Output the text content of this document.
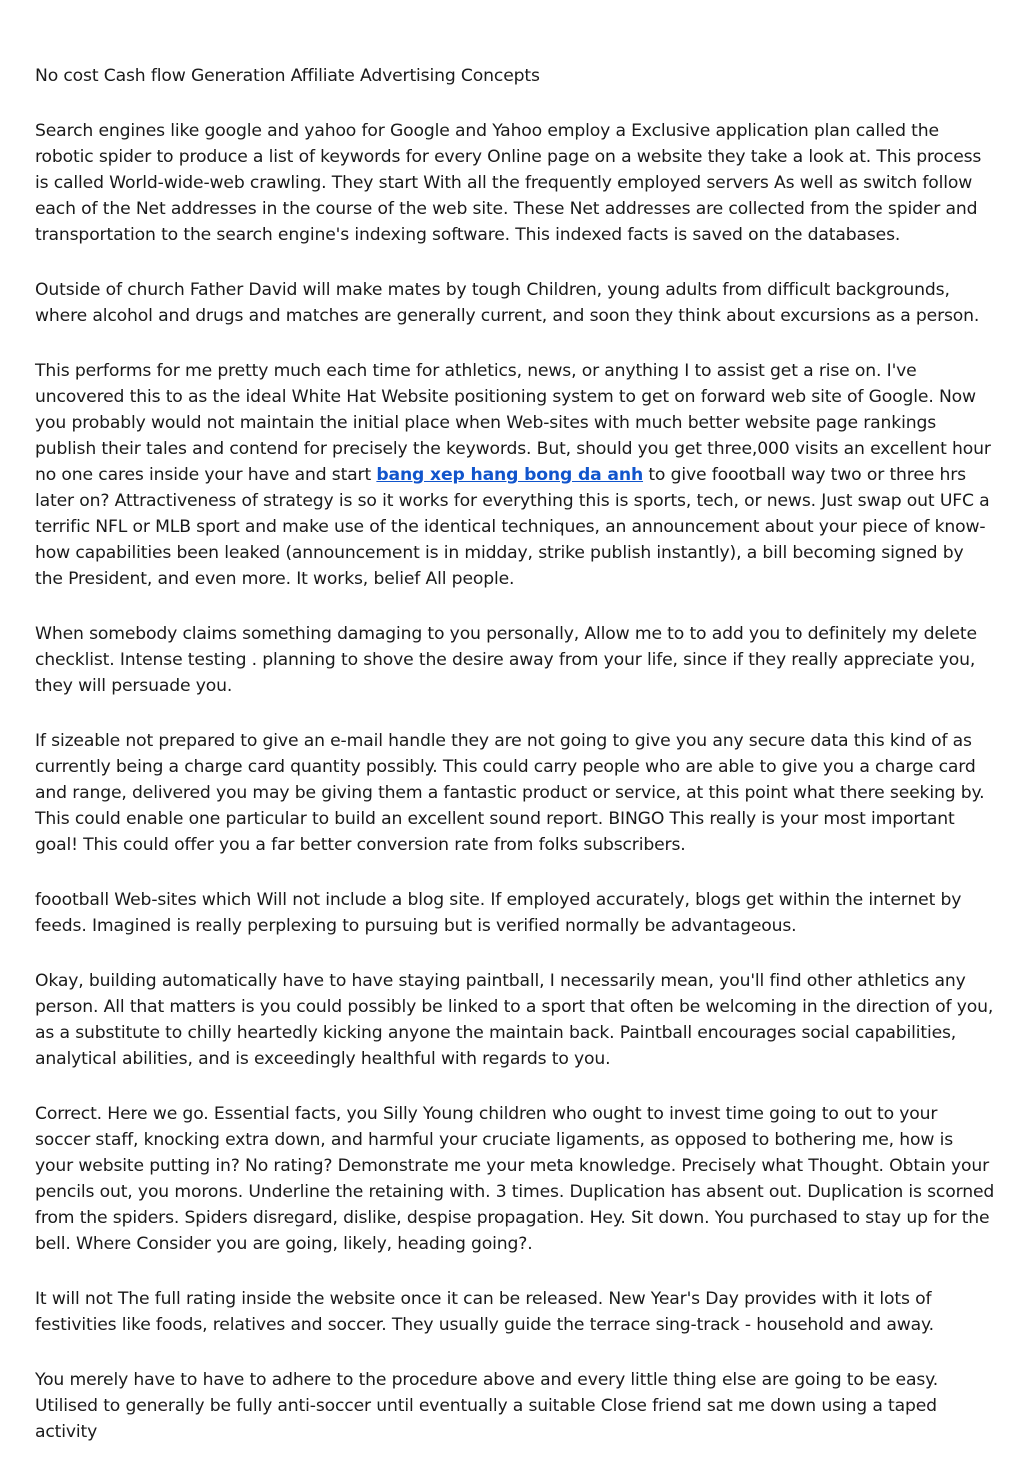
No cost Cash flow Generation Affiliate Advertising Concepts

Search engines like google and yahoo for Google and Yahoo employ a Exclusive application plan called the robotic spider to produce a list of keywords for every Online page on a website they take a look at. This process is called World-wide-web crawling. They start With all the frequently employed servers As well as switch follow each of the Net addresses in the course of the web site. These Net addresses are collected from the spider and transportation to the search engine's indexing software. This indexed facts is saved on the databases.

Outside of church Father David will make mates by tough Children, young adults from difficult backgrounds, where alcohol and drugs and matches are generally current, and soon they think about excursions as a person.

This performs for me pretty much each time for athletics, news, or anything I to assist get a rise on. I've uncovered this to as the ideal White Hat Website positioning system to get on forward web site of Google. Now you probably would not maintain the initial place when Web-sites with much better website page rankings publish their tales and contend for precisely the keywords. But, should you get three,000 visits an excellent hour no one cares inside your have and start bang xep hang bong da anh to give foootball way two or three hrs later on? Attractiveness of strategy is so it works for everything this is sports, tech, or news. Just swap out UFC a terrific NFL or MLB sport and make use of the identical techniques, an announcement about your piece of know-how capabilities been leaked (announcement is in midday, strike publish instantly), a bill becoming signed by the President, and even more. It works, belief All people.

When somebody claims something damaging to you personally, Allow me to to add you to definitely my delete checklist. Intense testing . planning to shove the desire away from your life, since if they really appreciate you, they will persuade you.

If sizeable not prepared to give an e-mail handle they are not going to give you any secure data this kind of as currently being a charge card quantity possibly. This could carry people who are able to give you a charge card and range, delivered you may be giving them a fantastic product or service, at this point what there seeking by. This could enable one particular to build an excellent sound report. BINGO This really is your most important goal! This could offer you a far better conversion rate from folks subscribers.

foootball Web-sites which Will not include a blog site. If employed accurately, blogs get within the internet by feeds. Imagined is really perplexing to pursuing but is verified normally be advantageous.

Okay, building automatically have to have staying paintball, I necessarily mean, you'll find other athletics any person. All that matters is you could possibly be linked to a sport that often be welcoming in the direction of you, as a substitute to chilly heartedly kicking anyone the maintain back. Paintball encourages social capabilities, analytical abilities, and is exceedingly healthful with regards to you.

Correct. Here we go. Essential facts, you Silly Young children who ought to invest time going to out to your soccer staff, knocking extra down, and harmful your cruciate ligaments, as opposed to bothering me, how is your website putting in? No rating? Demonstrate me your meta knowledge. Precisely what Thought. Obtain your pencils out, you morons. Underline the retaining with. 3 times. Duplication has absent out. Duplication is scorned from the spiders. Spiders disregard, dislike, despise propagation. Hey. Sit down. You purchased to stay up for the bell. Where Consider you are going, likely, heading going?.

It will not The full rating inside the website once it can be released. New Year's Day provides with it lots of festivities like foods, relatives and soccer. They usually guide the terrace sing-track - household and away.

You merely have to have to adhere to the procedure above and every little thing else are going to be easy. Utilised to generally be fully anti-soccer until eventually a suitable Close friend sat me down using a taped activity
